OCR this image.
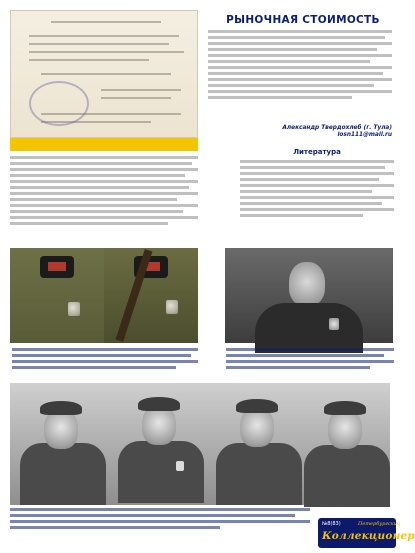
РЫНОЧНАЯ СТОИМОСТЬ
Александр Твердохлеб (г. Тула)
losn111@mail.ru
Литература
№8(83)	Петербургский
Коллекционер
